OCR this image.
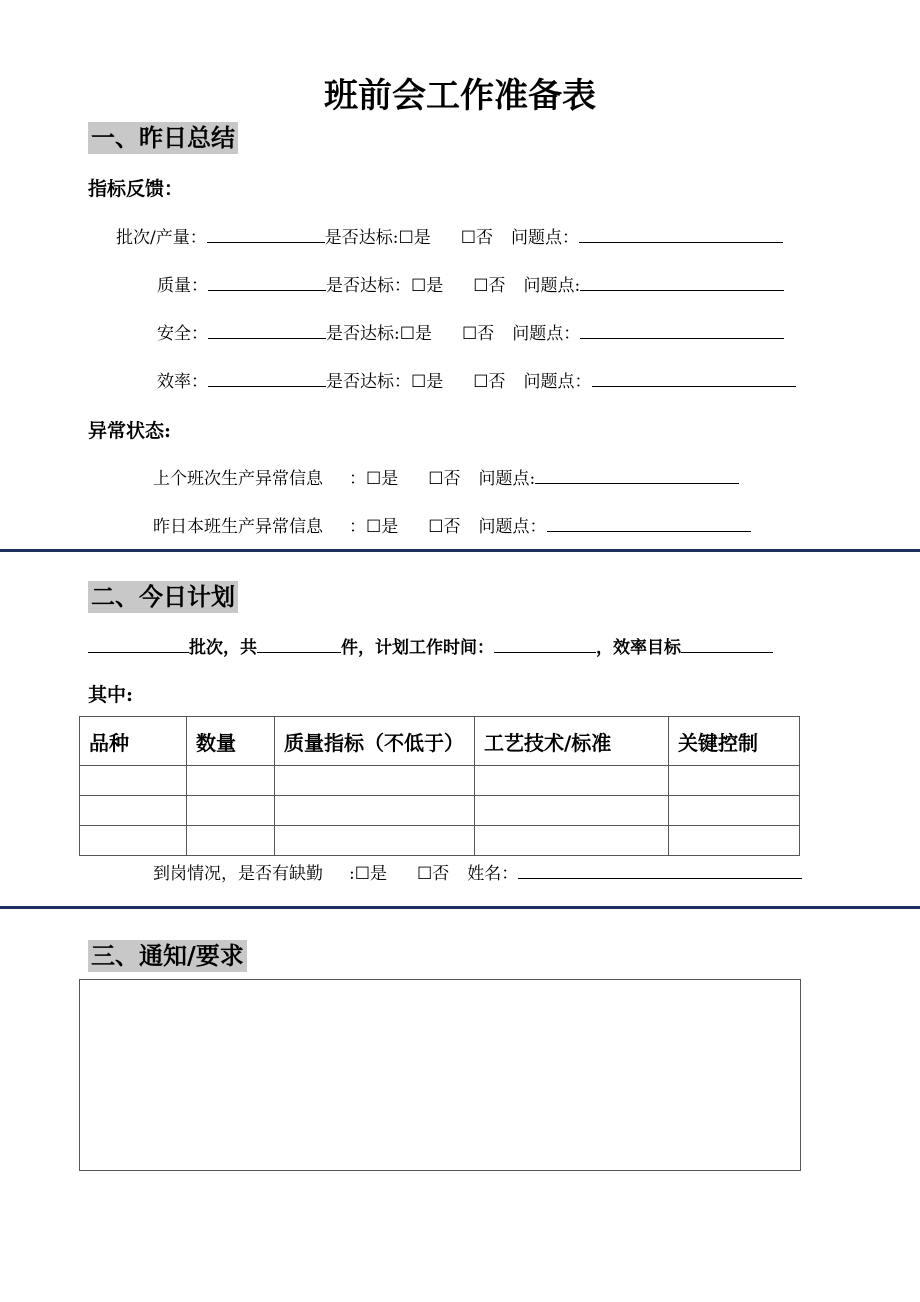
班前会工作准备表
一、昨日总结
指标反馈：
批次/产量：	是否达标:☐是 ☐否 问题点：
质量：	是否达标：☐是 ☐否 问题点:
安全：	是否达标:☐是 ☐否 问题点：
效率：	是否达标：☐是 ☐否 问题点：
异常状态:
上个班次生产异常信息 ：☐是 ☐否 问题点:
昨日本班生产异常信息 ：☐是 ☐否 问题点：
二、今日计划
批次，共	件，计划工作时间：	，效率目标
其中:
品种	数量	质量指标（不低于）	工艺技术/标准	关键控制

到岗情况，是否有缺勤 :☐是 ☐否 姓名：
三、通知/要求
